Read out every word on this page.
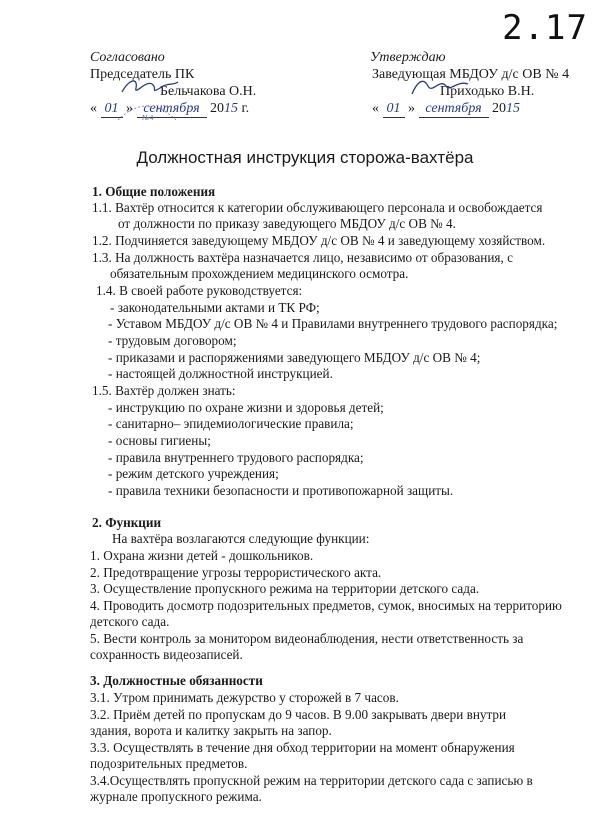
2.17
Согласовано
Председатель ПК
Бельчакова О.Н.
« 01 » сентября 2015 г.
№4
Утверждаю
Заведующая МБДОУ д/с ОВ № 4
Приходько В.Н.
« 01 » сентября 2015
Должностная инструкция сторожа-вахтёра
1. Общие положения
1.1. Вахтёр относится к категории обслуживающего персонала и освобождается
от должности по приказу заведующего МБДОУ д/с ОВ № 4.
1.2. Подчиняется заведующему МБДОУ д/с ОВ № 4 и заведующему хозяйством.
1.3. На должность вахтёра назначается лицо, независимо от образования, с
обязательным прохождением медицинского осмотра.
1.4. В своей работе руководствуется:
- законодательными актами и ТК РФ;
- Уставом МБДОУ д/с ОВ № 4 и Правилами внутреннего трудового распорядка;
- трудовым договором;
- приказами и распоряжениями заведующего МБДОУ д/с ОВ № 4;
- настоящей должностной инструкцией.
1.5. Вахтёр должен знать:
- инструкцию по охране жизни и здоровья детей;
- санитарно– эпидемиологические правила;
- основы гигиены;
- правила внутреннего трудового распорядка;
- режим детского учреждения;
- правила техники безопасности и противопожарной защиты.
2. Функции
На вахтёра возлагаются следующие функции:
1. Охрана жизни детей - дошкольников.
2. Предотвращение угрозы террористического акта.
3. Осуществление пропускного режима на территории детского сада.
4. Проводить досмотр подозрительных предметов, сумок, вносимых на территорию
детского сада.
5. Вести контроль за монитором видеонаблюдения, нести ответственность за
сохранность видеозаписей.
3. Должностные обязанности
3.1. Утром принимать дежурство у сторожей в 7 часов.
3.2. Приём детей по пропускам до 9 часов. В 9.00 закрывать двери внутри
здания, ворота и калитку закрыть на запор.
3.3. Осуществлять в течение дня обход территории на момент обнаружения
подозрительных предметов.
3.4.Осуществлять пропускной режим на территории детского сада с записью в
журнале пропускного режима.
